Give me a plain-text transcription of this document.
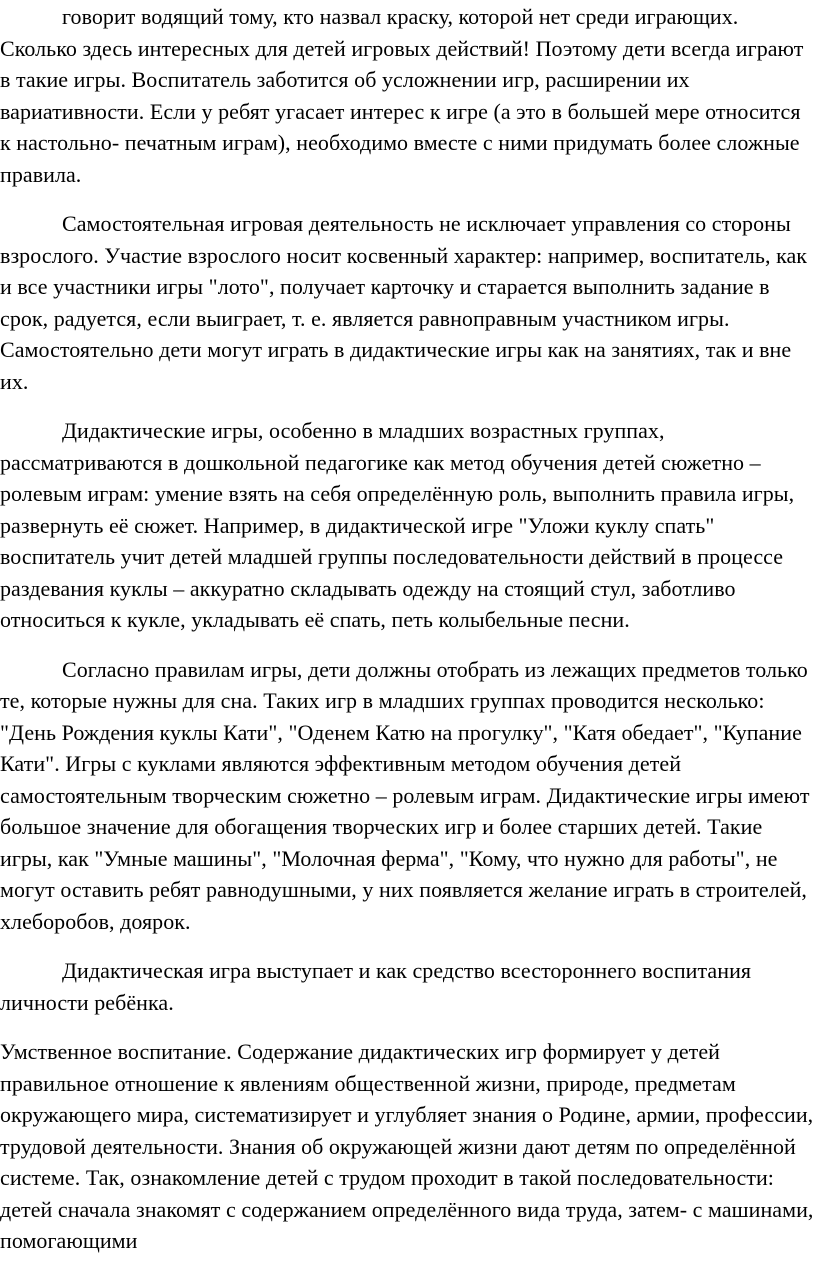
говорит водящий тому, кто назвал краску, которой нет среди играющих. Сколько здесь интересных для детей игровых действий! Поэтому дети всегда играют в такие игры. Воспитатель заботится об усложнении игр, расширении их вариативности. Если у ребят угасает интерес к игре (а это в большей мере относится к настольно- печатным играм), необходимо вместе с ними придумать более сложные правила.

Самостоятельная игровая деятельность не исключает управления со стороны взрослого. Участие взрослого носит косвенный характер: например, воспитатель, как и все участники игры "лото", получает карточку и старается выполнить задание в срок, радуется, если выиграет, т. е. является равноправным участником игры. Самостоятельно дети могут играть в дидактические игры как на занятиях, так и вне их.

Дидактические игры, особенно в младших возрастных группах, рассматриваются в дошкольной педагогике как метод обучения детей сюжетно – ролевым играм: умение взять на себя определённую роль, выполнить правила игры, развернуть её сюжет. Например, в дидактической игре "Уложи куклу спать" воспитатель учит детей младшей группы последовательности действий в процессе раздевания куклы – аккуратно складывать одежду на стоящий стул, заботливо относиться к кукле, укладывать её спать, петь колыбельные песни.

Согласно правилам игры, дети должны отобрать из лежащих предметов только те, которые нужны для сна. Таких игр в младших группах проводится несколько: "День Рождения куклы Кати", "Оденем Катю на прогулку", "Катя обедает", "Купание Кати". Игры с куклами являются эффективным методом обучения детей самостоятельным творческим сюжетно – ролевым играм. Дидактические игры имеют большое значение для обогащения творческих игр и более старших детей. Такие игры, как "Умные машины", "Молочная ферма", "Кому, что нужно для работы", не могут оставить ребят равнодушными, у них появляется желание играть в строителей, хлеборобов, доярок.

Дидактическая игра выступает и как средство всестороннего воспитания личности ребёнка.

Умственное воспитание. Содержание дидактических игр формирует у детей правильное отношение к явлениям общественной жизни, природе, предметам окружающего мира, систематизирует и углубляет знания о Родине, армии, профессии, трудовой деятельности. Знания об окружающей жизни дают детям по определённой системе. Так, ознакомление детей с трудом проходит в такой последовательности: детей сначала знакомят с содержанием определённого вида труда, затем- с машинами, помогающими
